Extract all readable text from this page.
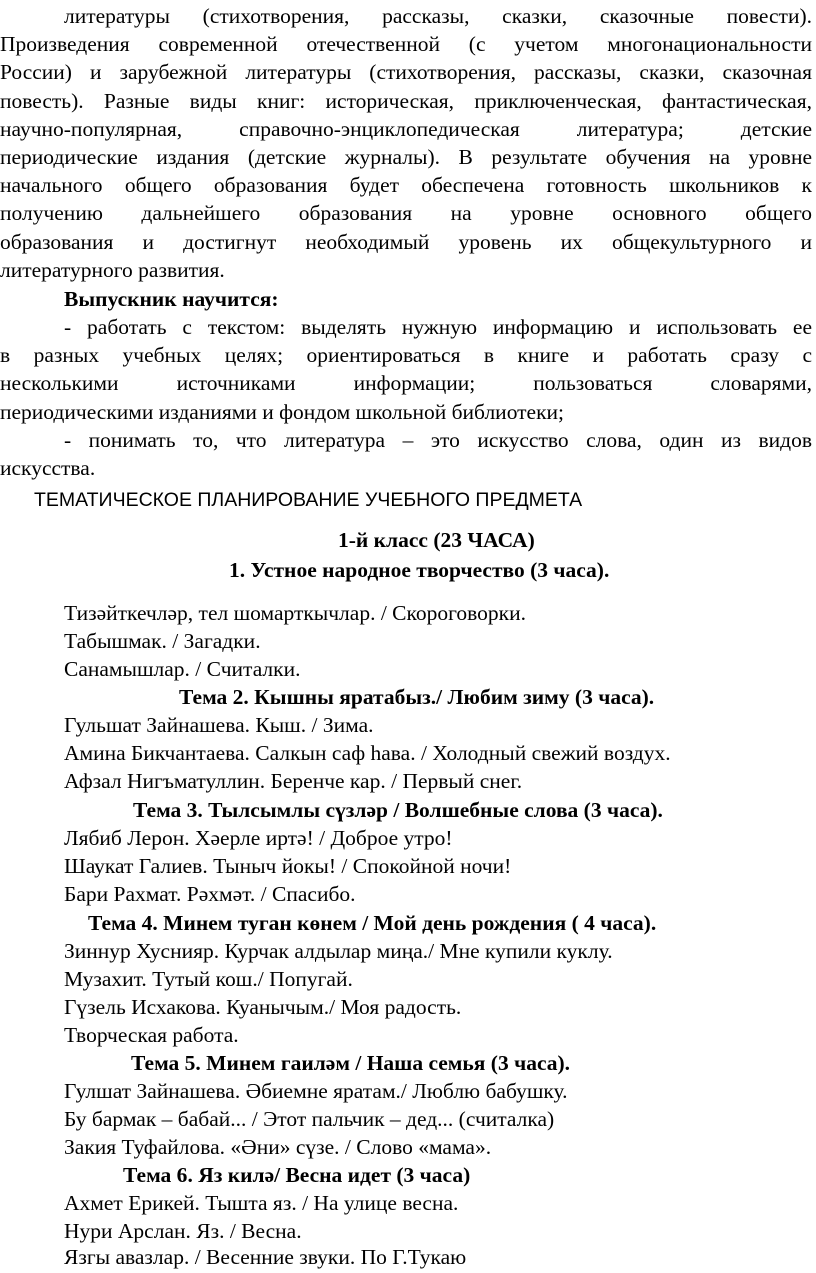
литературы (стихотворения, рассказы, сказки, сказочные повести).
Произведения современной отечественной (с учетом многонациональности
России) и зарубежной литературы (стихотворения, рассказы, сказки, сказочная
повесть). Разные виды книг: историческая, приключенческая, фантастическая,
научно-популярная, справочно-энциклопедическая литература; детские
периодические издания (детские журналы). В результате обучения на уровне
начального общего образования будет обеспечена готовность школьников к
получению дальнейшего образования на уровне основного общего
образования и достигнут необходимый уровень их общекультурного и
литературного развития.
Выпускник научится:
- работать с текстом: выделять нужную информацию и использовать ее
в разных учебных целях; ориентироваться в книге и работать сразу с
несколькими источниками информации; пользоваться словарями,
периодическими изданиями и фондом школьной библиотеки;
- понимать то, что литература – это искусство слова, один из видов
искусства.
ТЕМАТИЧЕСКОЕ ПЛАНИРОВАНИЕ УЧЕБНОГО ПРЕДМЕТА
1-й класс (23 ЧАСА)
1. Устное народное творчество (3 часа).
Тизәйткечләр, тел шомарткычлар. / Скороговорки.
Табышмак. / Загадки.
Санамышлар. / Считалки.
Тема 2. Кышны яратабыз./ Любим зиму (3 часа).
Гульшат Зайнашева. Кыш. / Зима.
Амина Бикчантаева. Салкын саф һава. / Холодный свежий воздух.
Афзал Нигъматуллин. Беренче кар. / Первый снег.
Тема 3. Тылсымлы сүзләр / Волшебные слова (3 часа).
Лябиб Лерон. Хәерле иртә! / Доброе утро!
Шаукат Галиев. Тыныч йокы! / Спокойной ночи!
Бари Рахмат. Рәхмәт. / Спасибо.
Тема 4. Минем туган көнем / Мой день рождения ( 4 часа).
Зиннур Хуснияр. Курчак алдылар миңа./ Мне купили куклу.
Музахит. Тутый кош./ Попугай.
Гүзель Исхакова. Куанычым./ Моя радость.
Творческая работа.
Тема 5. Минем гаиләм / Наша семья (3 часа).
Гулшат Зайнашева. Әбиемне яратам./ Люблю бабушку.
Бу бармак – бабай... / Этот пальчик – дед... (считалка)
Закия Туфайлова. «Әни» сүзе. / Слово «мама».
Тема 6. Яз килә/ Весна идет (3 часа)
Ахмет Ерикей. Тышта яз. / На улице весна.
Нури Арслан. Яз. / Весна.
Язгы авазлар. / Весенние звуки. По Г.Тукаю
